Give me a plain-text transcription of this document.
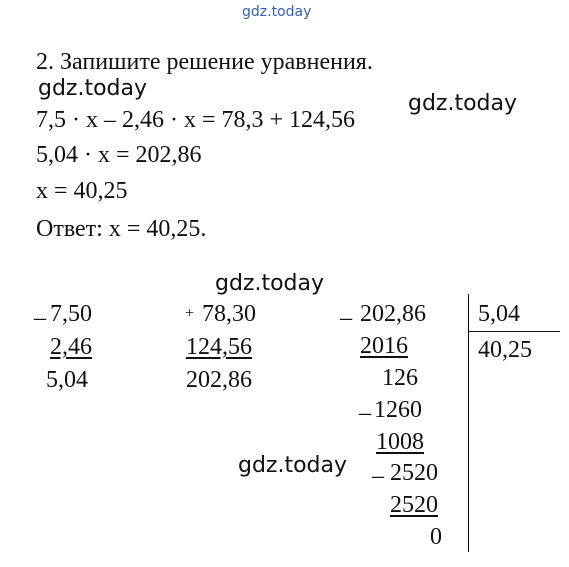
gdz.today
gdz.today
gdz.today
gdz.today
gdz.today
2. Запишите решение уравнения.
7,5 · x – 2,46 · x = 78,3 + 124,56
5,04 · x = 202,86
x = 40,25
Ответ: x = 40,25.
_ 7,50
2,46
5,04
+ 78,30
124,56
202,86
_ 202,86
2016
126
_ 1260
1008
_ 2520
2520
0
5,04
40,25
